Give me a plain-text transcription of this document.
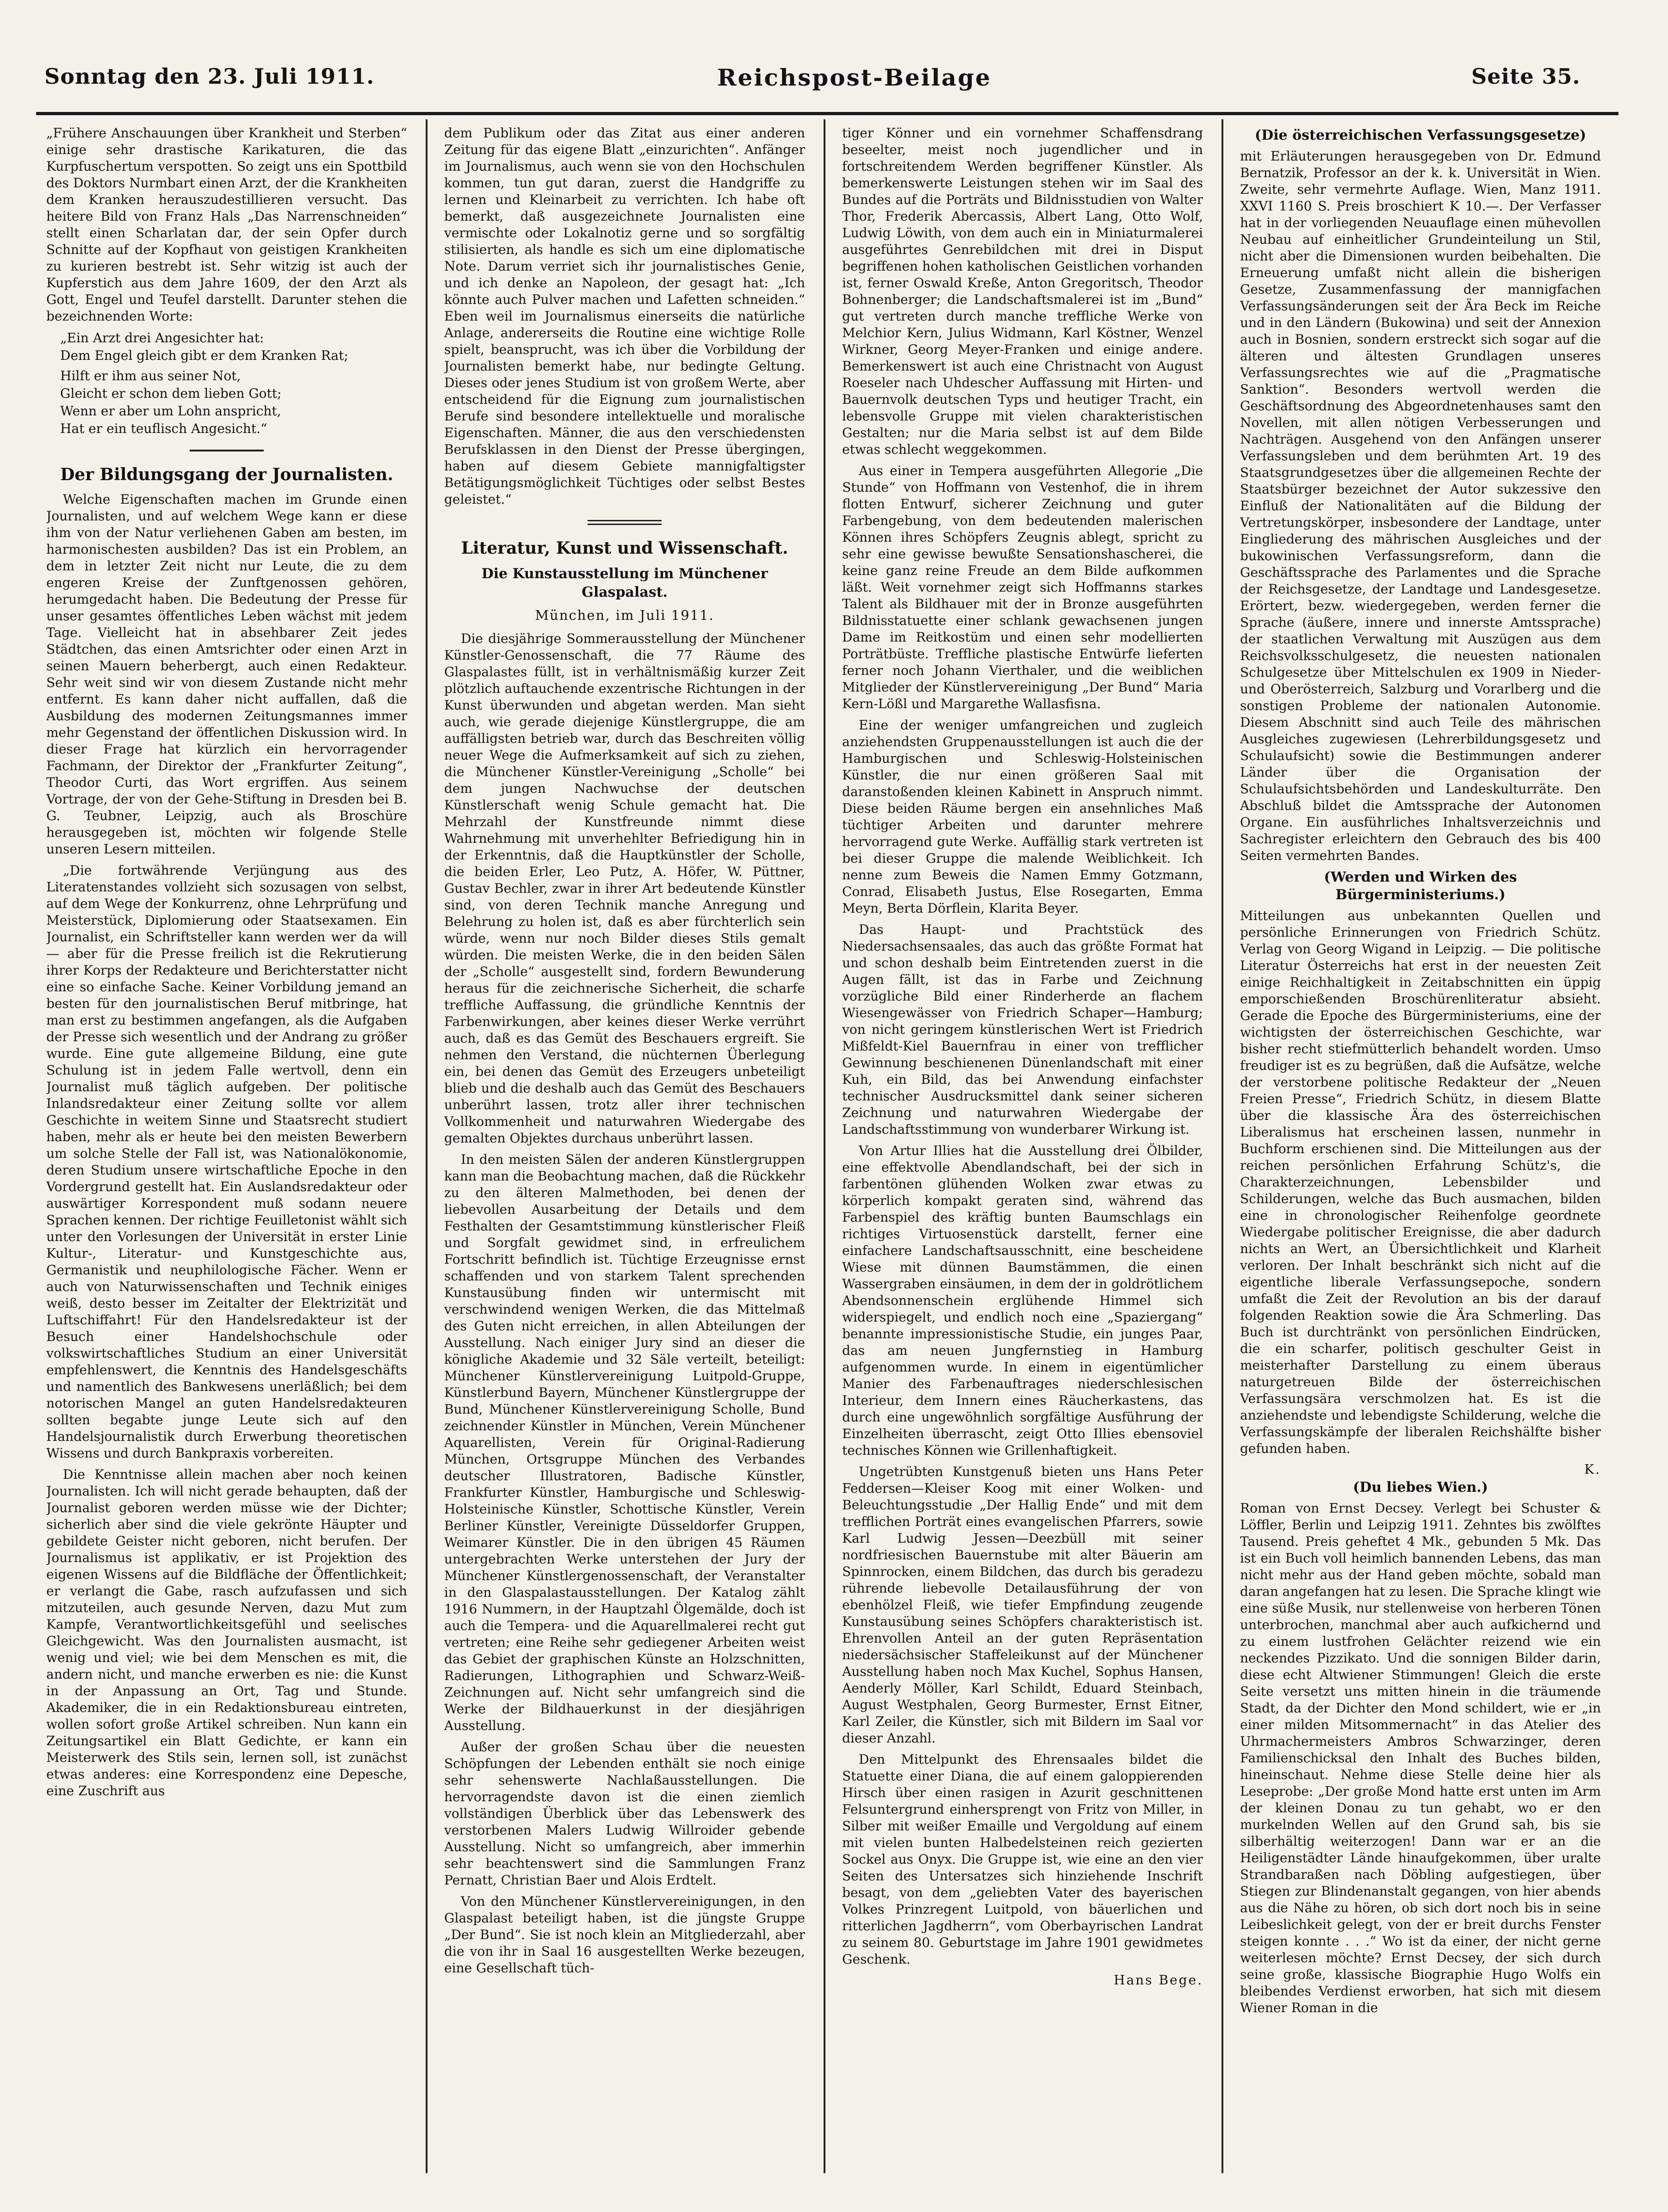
Sonntag den 23. Juli 1911.	Reichspost-Beilage	Seite 35.

„Frühere Anschauungen über Krankheit und Sterben“ einige sehr drastische Karikaturen, die das Kurpfuschertum verspotten. So zeigt uns ein Spottbild des Doktors Nurmbart einen Arzt, der die Krankheiten dem Kranken herauszudestillieren versucht. Das heitere Bild von Franz Hals „Das Narrenschneiden“ stellt einen Scharlatan dar, der sein Opfer durch Schnitte auf der Kopfhaut von geistigen Krankheiten zu kurieren bestrebt ist. Sehr witzig ist auch der Kupferstich aus dem Jahre 1609, der den Arzt als Gott, Engel und Teufel darstellt. Darunter stehen die bezeichnenden Worte:

„Ein Arzt drei Angesichter hat:
Dem Engel gleich gibt er dem Kranken Rat;
Hilft er ihm aus seiner Not,
Gleicht er schon dem lieben Gott;
Wenn er aber um Lohn anspricht,
Hat er ein teuflisch Angesicht.“
Der Bildungsgang der Journalisten.

Welche Eigenschaften machen im Grunde einen Journalisten, und auf welchem Wege kann er diese ihm von der Natur verliehenen Gaben am besten, im harmonischesten ausbilden? Das ist ein Problem, an dem in letzter Zeit nicht nur Leute, die zu dem engeren Kreise der Zunftgenossen gehören, herumgedacht haben. Die Bedeutung der Presse für unser gesamtes öffentliches Leben wächst mit jedem Tage. Vielleicht hat in absehbarer Zeit jedes Städtchen, das einen Amtsrichter oder einen Arzt in seinen Mauern beherbergt, auch einen Redakteur. Sehr weit sind wir von diesem Zustande nicht mehr entfernt. Es kann daher nicht auffallen, daß die Ausbildung des modernen Zeitungsmannes immer mehr Gegenstand der öffentlichen Diskussion wird. In dieser Frage hat kürzlich ein hervorragender Fachmann, der Direktor der „Frankfurter Zeitung“, Theodor Curti, das Wort ergriffen. Aus seinem Vortrage, der von der Gehe-Stiftung in Dresden bei B. G. Teubner, Leipzig, auch als Broschüre herausgegeben ist, möchten wir folgende Stelle unseren Lesern mitteilen.

„Die fortwährende Verjüngung aus des Literatenstandes vollzieht sich sozusagen von selbst, auf dem Wege der Konkurrenz, ohne Lehrprüfung und Meisterstück, Diplomierung oder Staatsexamen. Ein Journalist, ein Schriftsteller kann werden wer da will — aber für die Presse freilich ist die Rekrutierung ihrer Korps der Redakteure und Berichterstatter nicht eine so einfache Sache. Keiner Vorbildung jemand an besten für den journalistischen Beruf mitbringe, hat man erst zu bestimmen angefangen, als die Aufgaben der Presse sich wesentlich und der Andrang zu größer wurde. Eine gute allgemeine Bildung, eine gute Schulung ist in jedem Falle wertvoll, denn ein Journalist muß täglich aufgeben. Der politische Inlandsredakteur einer Zeitung sollte vor allem Geschichte in weitem Sinne und Staatsrecht studiert haben, mehr als er heute bei den meisten Bewerbern um solche Stelle der Fall ist, was Nationalökonomie, deren Studium unsere wirtschaftliche Epoche in den Vordergrund gestellt hat. Ein Auslandsredakteur oder auswärtiger Korrespondent muß sodann neuere Sprachen kennen. Der richtige Feuilletonist wählt sich unter den Vorlesungen der Universität in erster Linie Kultur-, Literatur- und Kunstgeschichte aus, Germanistik und neuphilologische Fächer. Wenn er auch von Naturwissenschaften und Technik einiges weiß, desto besser im Zeitalter der Elektrizität und Luftschiffahrt! Für den Handelsredakteur ist der Besuch einer Handelshochschule oder volkswirtschaftliches Studium an einer Universität empfehlenswert, die Kenntnis des Handelsgeschäfts und namentlich des Bankwesens unerläßlich; bei dem notorischen Mangel an guten Handelsredakteuren sollten begabte junge Leute sich auf den Handelsjournalistik durch Erwerbung theoretischen Wissens und durch Bankpraxis vorbereiten.

Die Kenntnisse allein machen aber noch keinen Journalisten. Ich will nicht gerade behaupten, daß der Journalist geboren werden müsse wie der Dichter; sicherlich aber sind die viele gekrönte Häupter und gebildete Geister nicht geboren, nicht berufen. Der Journalismus ist applikativ, er ist Projektion des eigenen Wissens auf die Bildfläche der Öffentlichkeit; er verlangt die Gabe, rasch aufzufassen und sich mitzuteilen, auch gesunde Nerven, dazu Mut zum Kampfe, Verantwortlichkeitsgefühl und seelisches Gleichgewicht. Was den Journalisten ausmacht, ist wenig und viel; wie bei dem Menschen es mit, die andern nicht, und manche erwerben es nie: die Kunst in der Anpassung an Ort, Tag und Stunde. Akademiker, die in ein Redaktionsbureau eintreten, wollen sofort große Artikel schreiben. Nun kann ein Zeitungsartikel ein Blatt Gedichte, er kann ein Meisterwerk des Stils sein, lernen soll, ist zunächst etwas anderes: eine Korrespondenz eine Depesche, eine Zuschrift aus

dem Publikum oder das Zitat aus einer anderen Zeitung für das eigene Blatt „einzurichten“. Anfänger im Journalismus, auch wenn sie von den Hochschulen kommen, tun gut daran, zuerst die Handgriffe zu lernen und Kleinarbeit zu verrichten. Ich habe oft bemerkt, daß ausgezeichnete Journalisten eine vermischte oder Lokalnotiz gerne und so sorgfältig stilisierten, als handle es sich um eine diplomatische Note. Darum verriet sich ihr journalistisches Genie, und ich denke an Napoleon, der gesagt hat: „Ich könnte auch Pulver machen und Lafetten schneiden.“ Eben weil im Journalismus einerseits die natürliche Anlage, andererseits die Routine eine wichtige Rolle spielt, beansprucht, was ich über die Vorbildung der Journalisten bemerkt habe, nur bedingte Geltung. Dieses oder jenes Studium ist von großem Werte, aber entscheidend für die Eignung zum journalistischen Berufe sind besondere intellektuelle und moralische Eigenschaften. Männer, die aus den verschiedensten Berufsklassen in den Dienst der Presse übergingen, haben auf diesem Gebiete mannigfaltigster Betätigungsmöglichkeit Tüchtiges oder selbst Bestes geleistet.“

Literatur, Kunst und Wissenschaft.
Die Kunstausstellung im Münchener Glaspalast.
München, im Juli 1911.

Die diesjährige Sommerausstellung der Münchener Künstler-Genossenschaft, die 77 Räume des Glaspalastes füllt, ist in verhältnismäßig kurzer Zeit plötzlich auftauchende exzentrische Richtungen in der Kunst überwunden und abgetan werden. Man sieht auch, wie gerade diejenige Künstlergruppe, die am auffälligsten betrieb war, durch das Beschreiten völlig neuer Wege die Aufmerksamkeit auf sich zu ziehen, die Münchener Künstler-Vereinigung „Scholle“ bei dem jungen Nachwuchse der deutschen Künstlerschaft wenig Schule gemacht hat. Die Mehrzahl der Kunstfreunde nimmt diese Wahrnehmung mit unverhehlter Befriedigung hin in der Erkenntnis, daß die Hauptkünstler der Scholle, die beiden Erler, Leo Putz, A. Höfer, W. Püttner, Gustav Bechler, zwar in ihrer Art bedeutende Künstler sind, von deren Technik manche Anregung und Belehrung zu holen ist, daß es aber fürchterlich sein würde, wenn nur noch Bilder dieses Stils gemalt würden. Die meisten Werke, die in den beiden Sälen der „Scholle“ ausgestellt sind, fordern Bewunderung heraus für die zeichnerische Sicherheit, die scharfe treffliche Auffassung, die gründliche Kenntnis der Farbenwirkungen, aber keines dieser Werke verrührt auch, daß es das Gemüt des Beschauers ergreift. Sie nehmen den Verstand, die nüchternen Überlegung ein, bei denen das Gemüt des Erzeugers unbeteiligt blieb und die deshalb auch das Gemüt des Beschauers unberührt lassen, trotz aller ihrer technischen Vollkommenheit und naturwahren Wiedergabe des gemalten Objektes durchaus unberührt lassen.

In den meisten Sälen der anderen Künstlergruppen kann man die Beobachtung machen, daß die Rückkehr zu den älteren Malmethoden, bei denen der liebevollen Ausarbeitung der Details und dem Festhalten der Gesamtstimmung künstlerischer Fleiß und Sorgfalt gewidmet sind, in erfreulichem Fortschritt befindlich ist. Tüchtige Erzeugnisse ernst schaffenden und von starkem Talent sprechenden Kunstausübung finden wir untermischt mit verschwindend wenigen Werken, die das Mittelmaß des Guten nicht erreichen, in allen Abteilungen der Ausstellung. Nach einiger Jury sind an dieser die königliche Akademie und 32 Säle verteilt, beteiligt: Münchener Künstlervereinigung Luitpold-Gruppe, Künstlerbund Bayern, Münchener Künstlergruppe der Bund, Münchener Künstlervereinigung Scholle, Bund zeichnender Künstler in München, Verein Münchener Aquarellisten, Verein für Original-Radierung München, Ortsgruppe München des Verbandes deutscher Illustratoren, Badische Künstler, Frankfurter Künstler, Hamburgische und Schleswig-Holsteinische Künstler, Schottische Künstler, Verein Berliner Künstler, Vereinigte Düsseldorfer Gruppen, Weimarer Künstler. Die in den übrigen 45 Räumen untergebrachten Werke unterstehen der Jury der Münchener Künstlergenossenschaft, der Veranstalter in den Glaspalastausstellungen. Der Katalog zählt 1916 Nummern, in der Hauptzahl Ölgemälde, doch ist auch die Tempera- und die Aquarellmalerei recht gut vertreten; eine Reihe sehr gediegener Arbeiten weist das Gebiet der graphischen Künste an Holzschnitten, Radierungen, Lithographien und Schwarz-Weiß-Zeichnungen auf. Nicht sehr umfangreich sind die Werke der Bildhauerkunst in der diesjährigen Ausstellung.

Außer der großen Schau über die neuesten Schöpfungen der Lebenden enthält sie noch einige sehr sehenswerte Nachlaßausstellungen. Die hervorragendste davon ist die einen ziemlich vollständigen Überblick über das Lebenswerk des verstorbenen Malers Ludwig Willroider gebende Ausstellung. Nicht so umfangreich, aber immerhin sehr beachtenswert sind die Sammlungen Franz Pernatt, Christian Baer und Alois Erdtelt.

Von den Münchener Künstlervereinigungen, in den Glaspalast beteiligt haben, ist die jüngste Gruppe „Der Bund“. Sie ist noch klein an Mitgliederzahl, aber die von ihr in Saal 16 ausgestellten Werke bezeugen, eine Gesellschaft tüch-

tiger Könner und ein vornehmer Schaffensdrang beseelter, meist noch jugendlicher und in fortschreitendem Werden begriffener Künstler. Als bemerkenswerte Leistungen stehen wir im Saal des Bundes auf die Porträts und Bildnisstudien von Walter Thor, Frederik Abercassis, Albert Lang, Otto Wolf, Ludwig Löwith, von dem auch ein in Miniaturmalerei ausgeführtes Genrebildchen mit drei in Disput begriffenen hohen katholischen Geistlichen vorhanden ist, ferner Oswald Kreße, Anton Gregoritsch, Theodor Bohnenberger; die Landschaftsmalerei ist im „Bund“ gut vertreten durch manche treffliche Werke von Melchior Kern, Julius Widmann, Karl Köstner, Wenzel Wirkner, Georg Meyer-Franken und einige andere. Bemerkenswert ist auch eine Christnacht von August Roeseler nach Uhdescher Auffassung mit Hirten- und Bauernvolk deutschen Typs und heutiger Tracht, ein lebensvolle Gruppe mit vielen charakteristischen Gestalten; nur die Maria selbst ist auf dem Bilde etwas schlecht weggekommen.

Aus einer in Tempera ausgeführten Allegorie „Die Stunde“ von Hoffmann von Vestenhof, die in ihrem flotten Entwurf, sicherer Zeichnung und guter Farbengebung, von dem bedeutenden malerischen Können ihres Schöpfers Zeugnis ablegt, spricht zu sehr eine gewisse bewußte Sensationshascherei, die keine ganz reine Freude an dem Bilde aufkommen läßt. Weit vornehmer zeigt sich Hoffmanns starkes Talent als Bildhauer mit der in Bronze ausgeführten Bildnisstatuette einer schlank gewachsenen jungen Dame im Reitkostüm und einen sehr modellierten Porträtbüste. Treffliche plastische Entwürfe lieferten ferner noch Johann Vierthaler, und die weiblichen Mitglieder der Künstlervereinigung „Der Bund“ Maria Kern-Lößl und Margarethe Wallasfisna.

Eine der weniger umfangreichen und zugleich anziehendsten Gruppenausstellungen ist auch die der Hamburgischen und Schleswig-Holsteinischen Künstler, die nur einen größeren Saal mit daranstoßenden kleinen Kabinett in Anspruch nimmt. Diese beiden Räume bergen ein ansehnliches Maß tüchtiger Arbeiten und darunter mehrere hervorragend gute Werke. Auffällig stark vertreten ist bei dieser Gruppe die malende Weiblichkeit. Ich nenne zum Beweis die Namen Emmy Gotzmann, Conrad, Elisabeth Justus, Else Rosegarten, Emma Meyn, Berta Dörflein, Klarita Beyer.

Das Haupt- und Prachtstück des Niedersachsensaales, das auch das größte Format hat und schon deshalb beim Eintretenden zuerst in die Augen fällt, ist das in Farbe und Zeichnung vorzügliche Bild einer Rinderherde an flachem Wiesengewässer von Friedrich Schaper—Hamburg; von nicht geringem künstlerischen Wert ist Friedrich Mißfeldt-Kiel Bauernfrau in einer von trefflicher Gewinnung beschienenen Dünenlandschaft mit einer Kuh, ein Bild, das bei Anwendung einfachster technischer Ausdrucksmittel dank seiner sicheren Zeichnung und naturwahren Wiedergabe der Landschaftsstimmung von wunderbarer Wirkung ist.

Von Artur Illies hat die Ausstellung drei Ölbilder, eine effektvolle Abendlandschaft, bei der sich in farbentönen glühenden Wolken zwar etwas zu körperlich kompakt geraten sind, während das Farbenspiel des kräftig bunten Baumschlags ein richtiges Virtuosenstück darstellt, ferner eine einfachere Landschaftsausschnitt, eine bescheidene Wiese mit dünnen Baumstämmen, die einen Wassergraben einsäumen, in dem der in goldrötlichem Abendsonnenschein erglühende Himmel sich widerspiegelt, und endlich noch eine „Spaziergang“ benannte impressionistische Studie, ein junges Paar, das am neuen Jungfernstieg in Hamburg aufgenommen wurde. In einem in eigentümlicher Manier des Farbenauftrages niederschlesischen Interieur, dem Innern eines Räucherkastens, das durch eine ungewöhnlich sorgfältige Ausführung der Einzelheiten überrascht, zeigt Otto Illies ebensoviel technisches Können wie Grillenhaftigkeit.

Ungetrübten Kunstgenuß bieten uns Hans Peter Feddersen—Kleiser Koog mit einer Wolken- und Beleuchtungsstudie „Der Hallig Ende“ und mit dem trefflichen Porträt eines evangelischen Pfarrers, sowie Karl Ludwig Jessen—Deezbüll mit seiner nordfriesischen Bauernstube mit alter Bäuerin am Spinnrocken, einem Bildchen, das durch bis geradezu rührende liebevolle Detailausführung der von ebenhölzel Fleiß, wie tiefer Empfindung zeugende Kunstausübung seines Schöpfers charakteristisch ist. Ehrenvollen Anteil an der guten Repräsentation niedersächsischer Staffeleikunst auf der Münchener Ausstellung haben noch Max Kuchel, Sophus Hansen, Aenderly Möller, Karl Schildt, Eduard Steinbach, August Westphalen, Georg Burmester, Ernst Eitner, Karl Zeiler, die Künstler, sich mit Bildern im Saal vor dieser Anzahl.

Den Mittelpunkt des Ehrensaales bildet die Statuette einer Diana, die auf einem galoppierenden Hirsch über einen rasigen in Azurit geschnittenen Felsuntergrund einhersprengt von Fritz von Miller, in Silber mit weißer Emaille und Vergoldung auf einem mit vielen bunten Halbedelsteinen reich gezierten Sockel aus Onyx. Die Gruppe ist, wie eine an den vier Seiten des Untersatzes sich hinziehende Inschrift besagt, von dem „geliebten Vater des bayerischen Volkes Prinzregent Luitpold, von bäuerlichen und ritterlichen Jagdherrn“, vom Oberbayrischen Landrat zu seinem 80. Geburtstage im Jahre 1901 gewidmetes Geschenk.

Hans Bege.
(Die österreichischen Verfassungsgesetze)

mit Erläuterungen herausgegeben von Dr. Edmund Bernatzik, Professor an der k. k. Universität in Wien. Zweite, sehr vermehrte Auflage. Wien, Manz 1911. XXVI 1160 S. Preis broschiert K 10.—. Der Verfasser hat in der vorliegenden Neuauflage einen mühevollen Neubau auf einheitlicher Grundeinteilung un Stil, nicht aber die Dimensionen wurden beibehalten. Die Erneuerung umfaßt nicht allein die bisherigen Gesetze, Zusammenfassung der mannigfachen Verfassungsänderungen seit der Ära Beck im Reiche und in den Ländern (Bukowina) und seit der Annexion auch in Bosnien, sondern erstreckt sich sogar auf die älteren und ältesten Grundlagen unseres Verfassungsrechtes wie auf die „Pragmatische Sanktion“. Besonders wertvoll werden die Geschäftsordnung des Abgeordnetenhauses samt den Novellen, mit allen nötigen Verbesserungen und Nachträgen. Ausgehend von den Anfängen unserer Verfassungsleben und dem berühmten Art. 19 des Staatsgrundgesetzes über die allgemeinen Rechte der Staatsbürger bezeichnet der Autor sukzessive den Einfluß der Nationalitäten auf die Bildung der Vertretungskörper, insbesondere der Landtage, unter Eingliederung des mährischen Ausgleiches und der bukowinischen Verfassungsreform, dann die Geschäftssprache des Parlamentes und die Sprache der Reichsgesetze, der Landtage und Landesgesetze. Erörtert, bezw. wiedergegeben, werden ferner die Sprache (äußere, innere und innerste Amtssprache) der staatlichen Verwaltung mit Auszügen aus dem Reichsvolksschulgesetz, die neuesten nationalen Schulgesetze über Mittelschulen ex 1909 in Nieder- und Oberösterreich, Salzburg und Vorarlberg und die sonstigen Probleme der nationalen Autonomie. Diesem Abschnitt sind auch Teile des mährischen Ausgleiches zugewiesen (Lehrerbildungsgesetz und Schulaufsicht) sowie die Bestimmungen anderer Länder über die Organisation der Schulaufsichtsbehörden und Landeskulturräte. Den Abschluß bildet die Amtssprache der Autonomen Organe. Ein ausführliches Inhaltsverzeichnis und Sachregister erleichtern den Gebrauch des bis 400 Seiten vermehrten Bandes.

(Werden und Wirken des Bürgerministeriums.)

Mitteilungen aus unbekannten Quellen und persönliche Erinnerungen von Friedrich Schütz. Verlag von Georg Wigand in Leipzig. — Die politische Literatur Österreichs hat erst in der neuesten Zeit einige Reichhaltigkeit in Zeitabschnitten ein üppig emporschießenden Broschürenliteratur absieht. Gerade die Epoche des Bürgerministeriums, eine der wichtigsten der österreichischen Geschichte, war bisher recht stiefmütterlich behandelt worden. Umso freudiger ist es zu begrüßen, daß die Aufsätze, welche der verstorbene politische Redakteur der „Neuen Freien Presse“, Friedrich Schütz, in diesem Blatte über die klassische Ära des österreichischen Liberalismus hat erscheinen lassen, nunmehr in Buchform erschienen sind. Die Mitteilungen aus der reichen persönlichen Erfahrung Schütz's, die Charakterzeichnungen, Lebensbilder und Schilderungen, welche das Buch ausmachen, bilden eine in chronologischer Reihenfolge geordnete Wiedergabe politischer Ereignisse, die aber dadurch nichts an Wert, an Übersichtlichkeit und Klarheit verloren. Der Inhalt beschränkt sich nicht auf die eigentliche liberale Verfassungsepoche, sondern umfaßt die Zeit der Revolution an bis der darauf folgenden Reaktion sowie die Ära Schmerling. Das Buch ist durchtränkt von persönlichen Eindrücken, die ein scharfer, politisch geschulter Geist in meisterhafter Darstellung zu einem überaus naturgetreuen Bilde der österreichischen Verfassungsära verschmolzen hat. Es ist die anziehendste und lebendigste Schilderung, welche die Verfassungskämpfe der liberalen Reichshälfte bisher gefunden haben.

K.
(Du liebes Wien.)

Roman von Ernst Decsey. Verlegt bei Schuster & Löffler, Berlin und Leipzig 1911. Zehntes bis zwölftes Tausend. Preis geheftet 4 Mk., gebunden 5 Mk. Das ist ein Buch voll heimlich bannenden Lebens, das man nicht mehr aus der Hand geben möchte, sobald man daran angefangen hat zu lesen. Die Sprache klingt wie eine süße Musik, nur stellenweise von herberen Tönen unterbrochen, manchmal aber auch aufkichernd und zu einem lustfrohen Gelächter reizend wie ein neckendes Pizzikato. Und die sonnigen Bilder darin, diese echt Altwiener Stimmungen! Gleich die erste Seite versetzt uns mitten hinein in die träumende Stadt, da der Dichter den Mond schildert, wie er „in einer milden Mitsommernacht“ in das Atelier des Uhrmachermeisters Ambros Schwarzinger, deren Familienschicksal den Inhalt des Buches bilden, hineinschaut. Nehme diese Stelle deine hier als Leseprobe: „Der große Mond hatte erst unten im Arm der kleinen Donau zu tun gehabt, wo er den murkelnden Wellen auf den Grund sah, bis sie silberhältig weiterzogen! Dann war er an die Heiligenstädter Lände hinaufgekommen, über uralte Strandbaraßen nach Döbling aufgestiegen, über Stiegen zur Blindenanstalt gegangen, von hier abends aus die Nähe zu hören, ob sich dort noch bis in seine Leibeslichkeit gelegt, von der er breit durchs Fenster steigen konnte . . .“ Wo ist da einer, der nicht gerne weiterlesen möchte? Ernst Decsey, der sich durch seine große, klassische Biographie Hugo Wolfs ein bleibendes Verdienst erworben, hat sich mit diesem Wiener Roman in die
